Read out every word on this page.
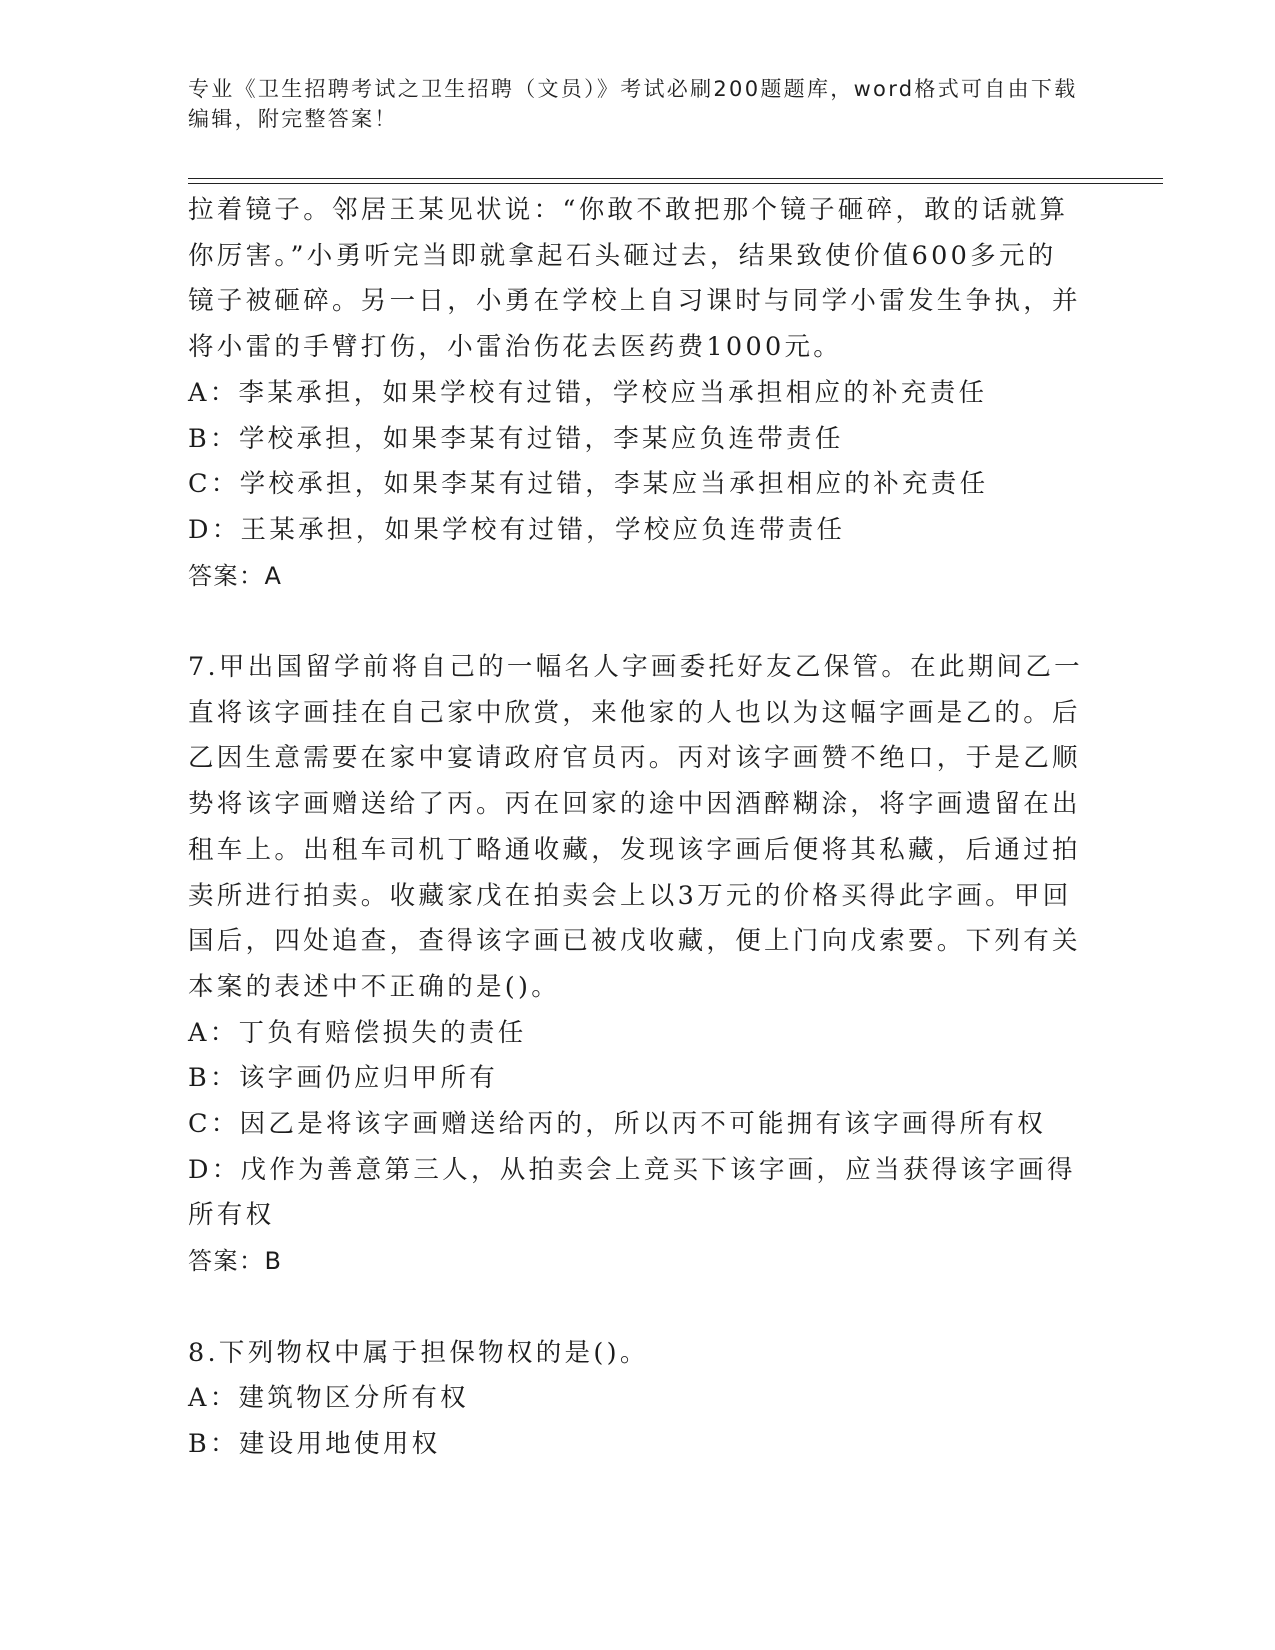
专业《卫生招聘考试之卫生招聘（文员）》考试必刷200题题库，word格式可自由下载编辑，附完整答案！

拉着镜子。邻居王某见状说：“你敢不敢把那个镜子砸碎，敢的话就算你厉害。”小勇听完当即就拿起石头砸过去，结果致使价值600多元的镜子被砸碎。另一日，小勇在学校上自习课时与同学小雷发生争执，并将小雷的手臂打伤，小雷治伤花去医药费1000元。

A：李某承担，如果学校有过错，学校应当承担相应的补充责任

B：学校承担，如果李某有过错，李某应负连带责任

C：学校承担，如果李某有过错，李某应当承担相应的补充责任

D：王某承担，如果学校有过错，学校应负连带责任

答案：A

7.甲出国留学前将自己的一幅名人字画委托好友乙保管。在此期间乙一直将该字画挂在自己家中欣赏，来他家的人也以为这幅字画是乙的。后乙因生意需要在家中宴请政府官员丙。丙对该字画赞不绝口，于是乙顺势将该字画赠送给了丙。丙在回家的途中因酒醉糊涂，将字画遗留在出租车上。出租车司机丁略通收藏，发现该字画后便将其私藏，后通过拍卖所进行拍卖。收藏家戊在拍卖会上以3万元的价格买得此字画。甲回国后，四处追查，查得该字画已被戊收藏，便上门向戊索要。下列有关本案的表述中不正确的是()。

A：丁负有赔偿损失的责任

B：该字画仍应归甲所有

C：因乙是将该字画赠送给丙的，所以丙不可能拥有该字画得所有权

D：戊作为善意第三人，从拍卖会上竞买下该字画，应当获得该字画得所有权

答案：B

8.下列物权中属于担保物权的是()。

A：建筑物区分所有权

B：建设用地使用权
